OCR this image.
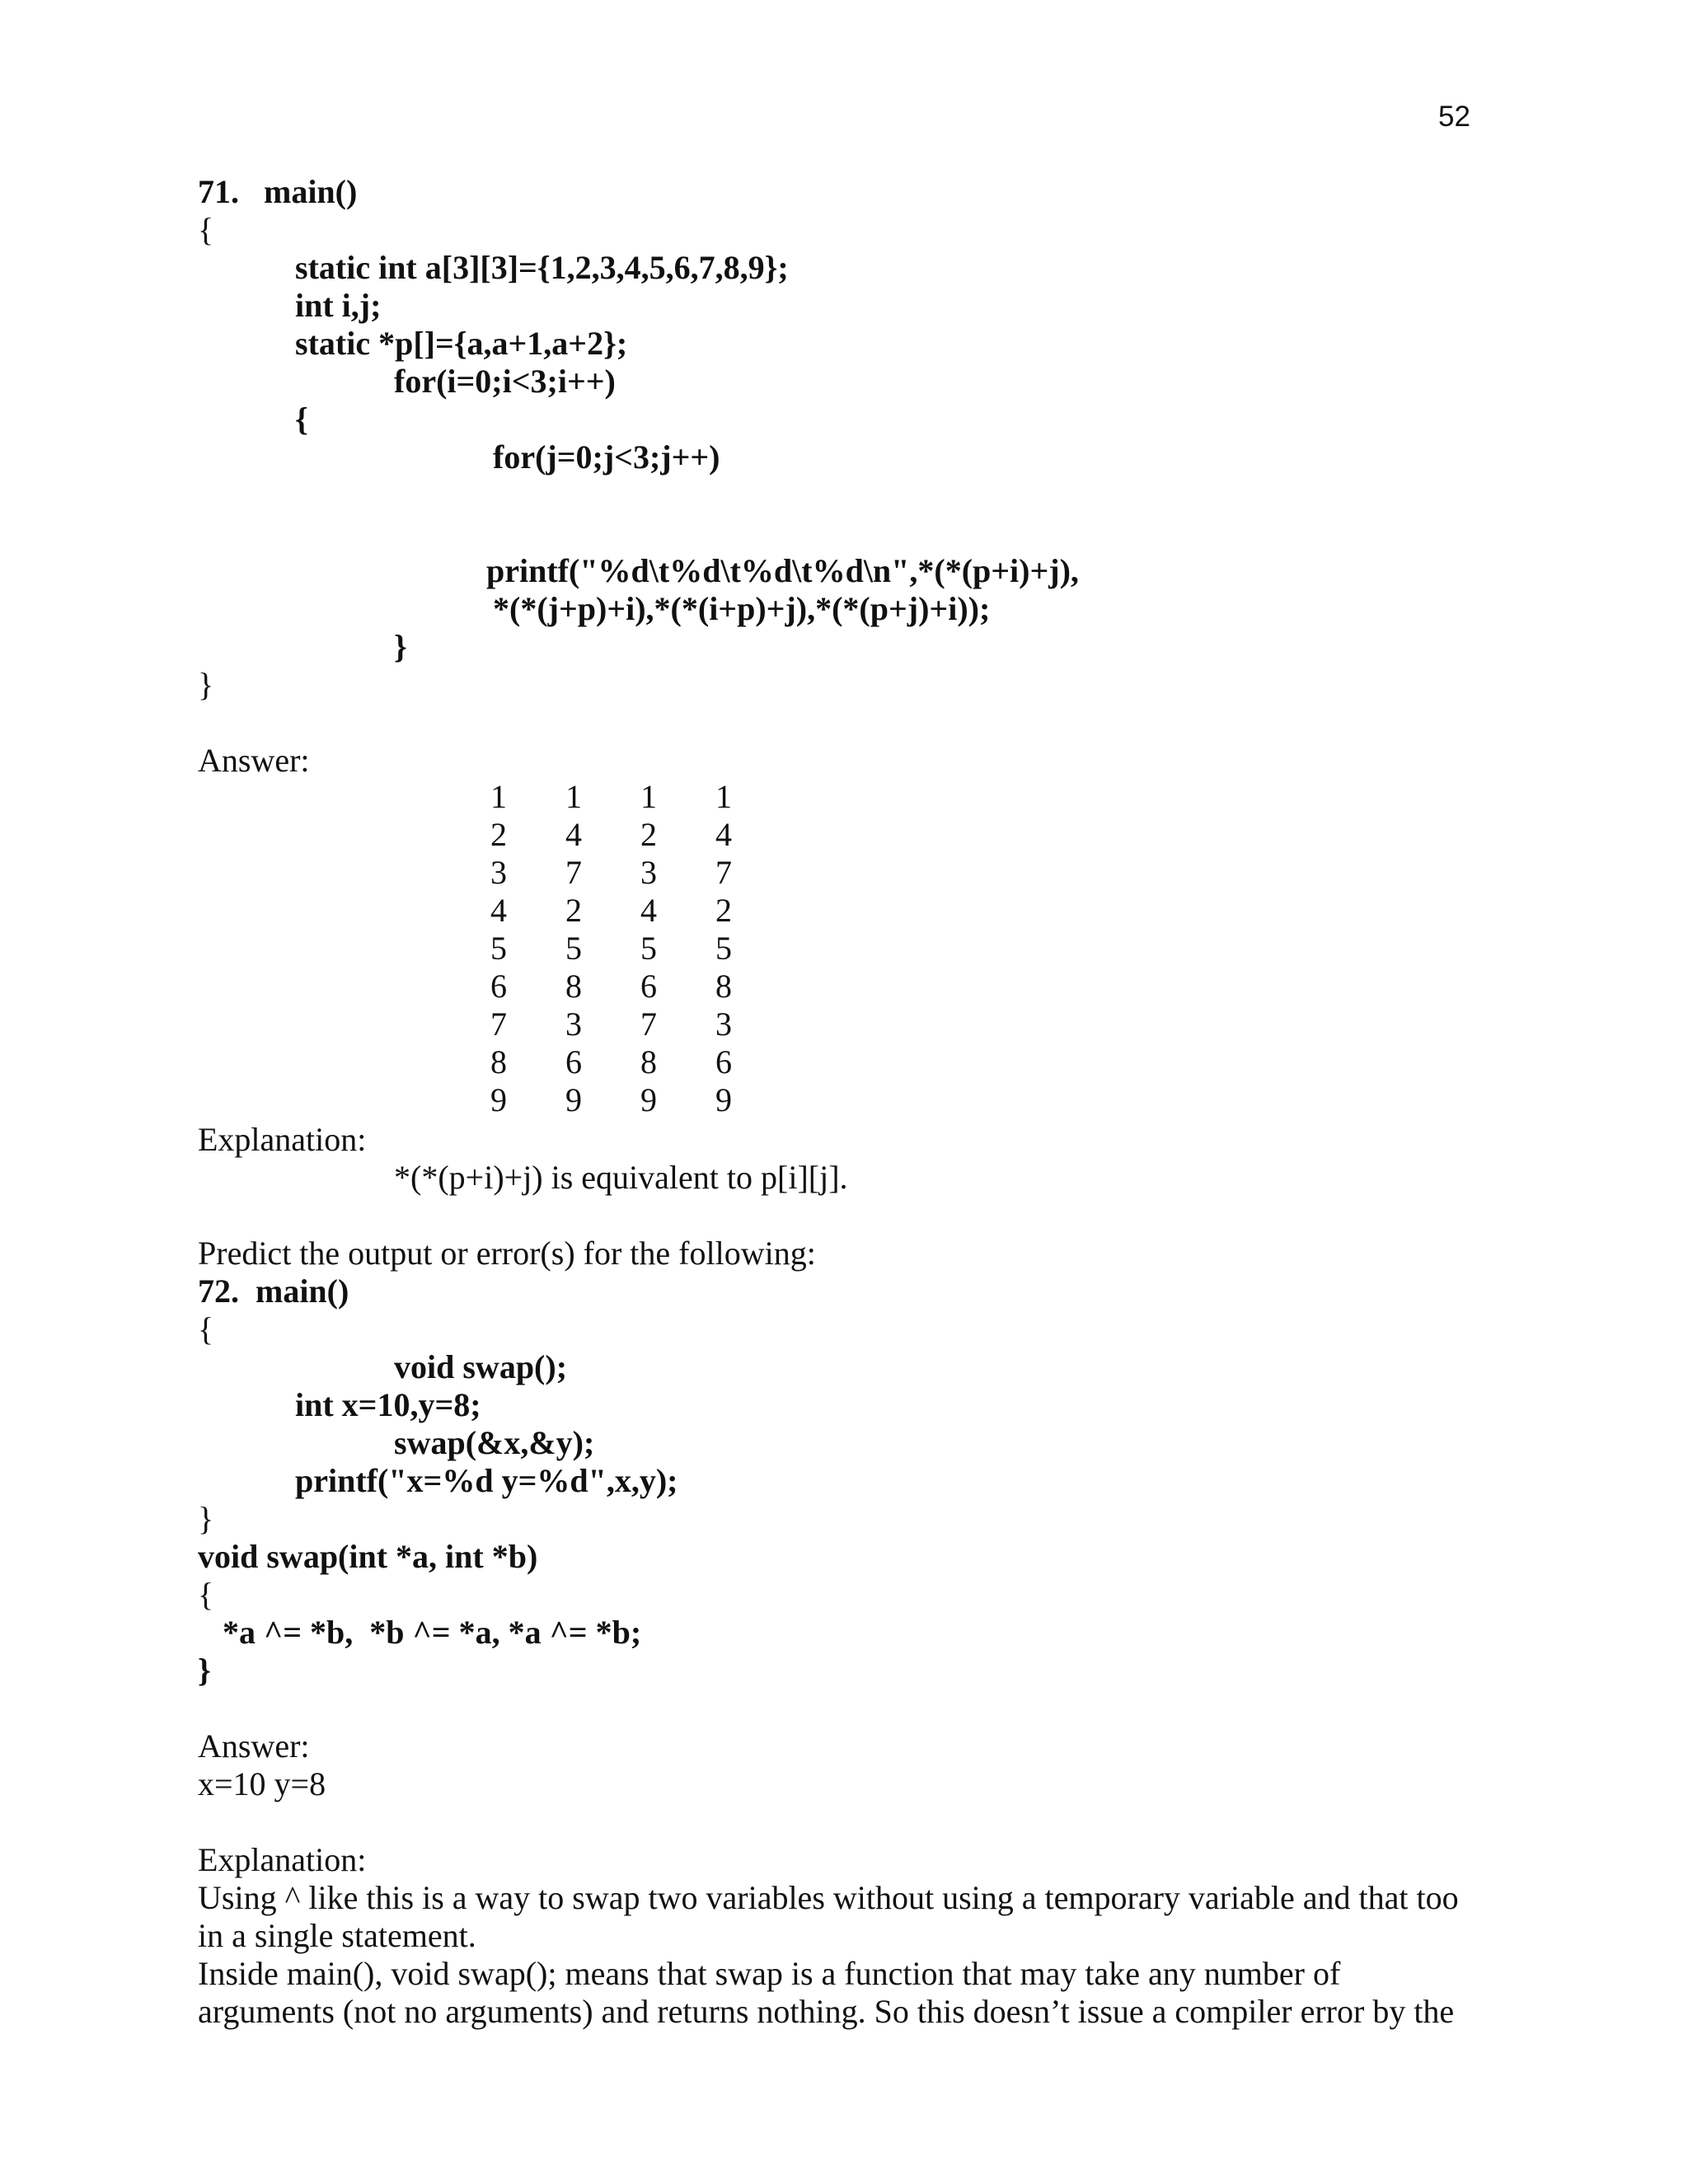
52
71.   main()
{
static int a[3][3]={1,2,3,4,5,6,7,8,9};
int i,j;
static *p[]={a,a+1,a+2};
for(i=0;i<3;i++)
{
for(j=0;j<3;j++)
printf("%d\t%d\t%d\t%d\n",*(*(p+i)+j),
*(*(j+p)+i),*(*(i+p)+j),*(*(p+j)+i));
}
}
Answer:
1
2
3
4
5
6
7
8
9
1
4
7
2
5
8
3
6
9
1
2
3
4
5
6
7
8
9
1
4
7
2
5
8
3
6
9
Explanation:
*(*(p+i)+j) is equivalent to p[i][j].
Predict the output or error(s) for the following:
72.  main()
{
void swap();
int x=10,y=8;
swap(&x,&y);
printf("x=%d y=%d",x,y);
}
void swap(int *a, int *b)
{
*a ^= *b,  *b ^= *a, *a ^= *b;
}
Answer:
x=10 y=8
Explanation:
Using ^ like this is a way to swap two variables without using a temporary variable and that too
in a single statement.
Inside main(), void swap(); means that swap is a function that may take any number of
arguments (not no arguments) and returns nothing. So this doesn’t issue a compiler error by the
